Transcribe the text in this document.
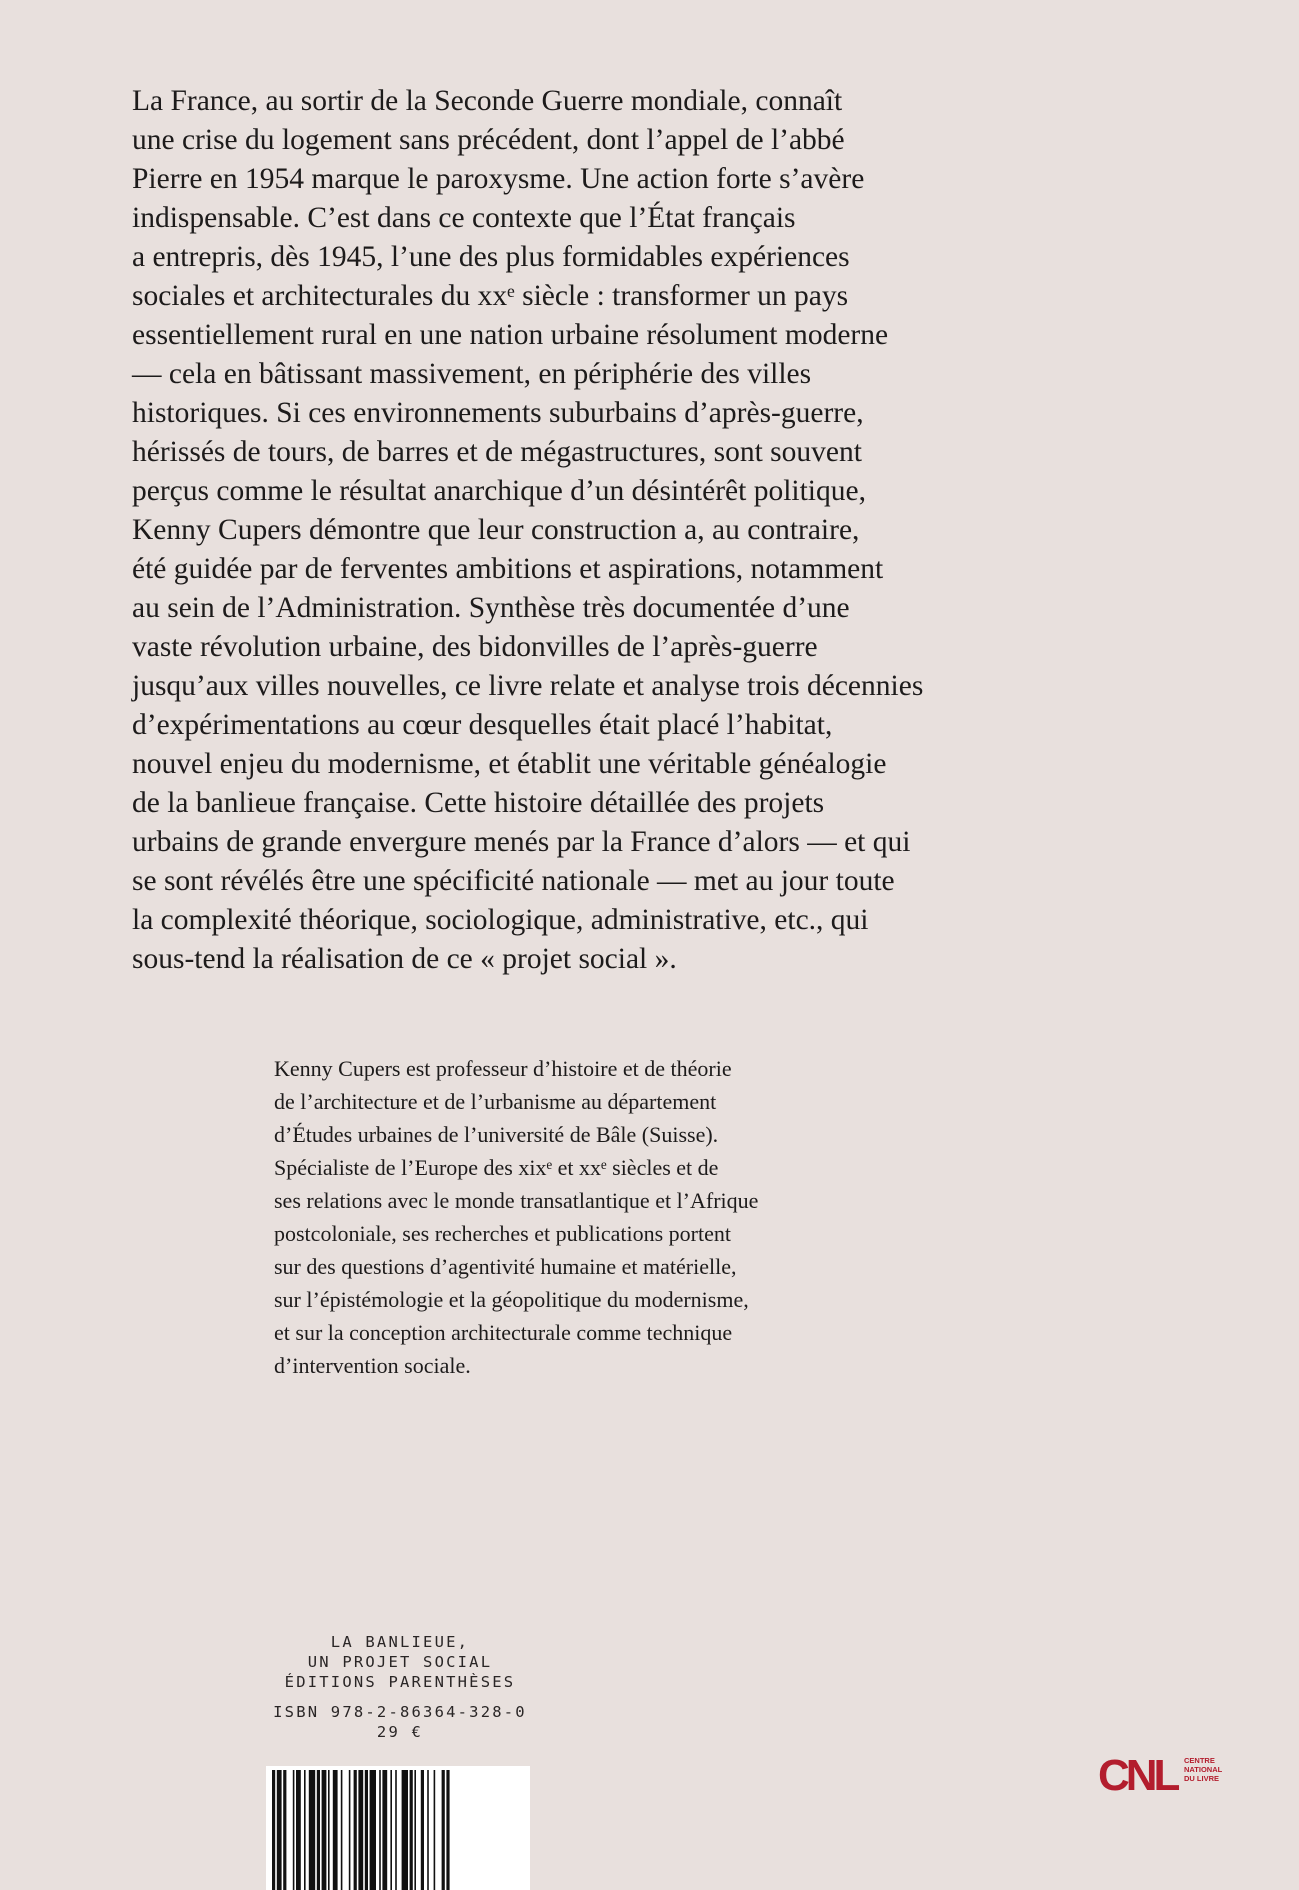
La France, au sortir de la Seconde Guerre mondiale, connaît
une crise du logement sans précédent, dont l’appel de l’abbé
Pierre en 1954 marque le paroxysme. Une action forte s’avère
indispensable. C’est dans ce contexte que l’État français
a entrepris, dès 1945, l’une des plus formidables expériences
sociales et architecturales du xxᵉ siècle : transformer un pays
essentiellement rural en une nation urbaine résolument moderne
— cela en bâtissant massivement, en périphérie des villes
historiques. Si ces environnements suburbains d’après-guerre,
hérissés de tours, de barres et de mégastructures, sont souvent
perçus comme le résultat anarchique d’un désintérêt politique,
Kenny Cupers démontre que leur construction a, au contraire,
été guidée par de ferventes ambitions et aspirations, notamment
au sein de l’Administration. Synthèse très documentée d’une
vaste révolution urbaine, des bidonvilles de l’après-guerre
jusqu’aux villes nouvelles, ce livre relate et analyse trois décennies
d’expérimentations au cœur desquelles était placé l’habitat,
nouvel enjeu du modernisme, et établit une véritable généalogie
de la banlieue française. Cette histoire détaillée des projets
urbains de grande envergure menés par la France d’alors — et qui
se sont révélés être une spécificité nationale — met au jour toute
la complexité théorique, sociologique, administrative, etc., qui
sous-tend la réalisation de ce « projet social ».
Kenny Cupers est professeur d’histoire et de théorie
de l’architecture et de l’urbanisme au département
d’Études urbaines de l’université de Bâle (Suisse).
Spécialiste de l’Europe des xixᵉ et xxᵉ siècles et de
ses relations avec le monde transatlantique et l’Afrique
postcoloniale, ses recherches et publications portent
sur des questions d’agentivité humaine et matérielle,
sur l’épistémologie et la géopolitique du modernisme,
et sur la conception architecturale comme technique
d’intervention sociale.
LA BANLIEUE,
UN PROJET SOCIAL
ÉDITIONS PARENTHÈSES
ISBN 978-2-86364-328-0
29 €
CNL CENTRE
NATIONAL
DU LIVRE
